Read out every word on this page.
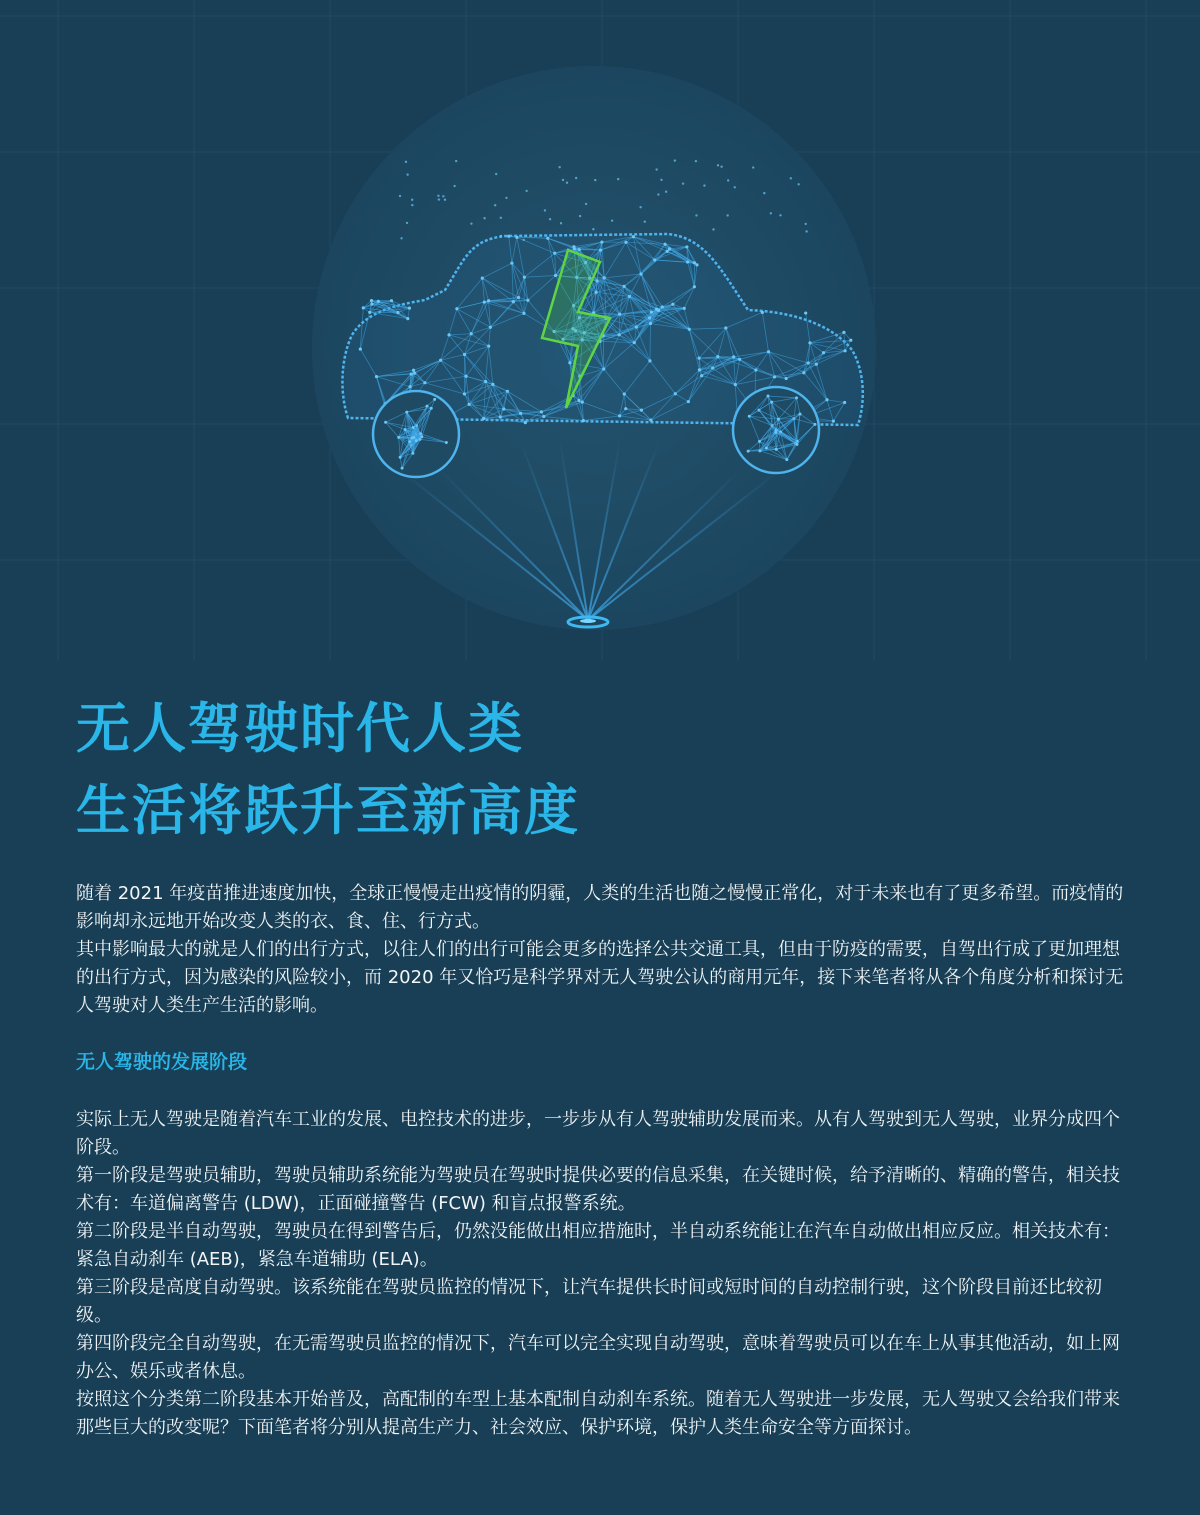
无人驾驶时代人类
生活将跃升至新高度

随着 2021 年疫苗推进速度加快，全球正慢慢走出疫情的阴霾，人类的生活也随之慢慢正常化，对于未来也有了更多希望。而疫情的影响却永远地开始改变人类的衣、食、住、行方式。

其中影响最大的就是人们的出行方式，以往人们的出行可能会更多的选择公共交通工具，但由于防疫的需要，自驾出行成了更加理想的出行方式，因为感染的风险较小，而 2020 年又恰巧是科学界对无人驾驶公认的商用元年，接下来笔者将从各个角度分析和探讨无人驾驶对人类生产生活的影响。

无人驾驶的发展阶段

实际上无人驾驶是随着汽车工业的发展、电控技术的进步，一步步从有人驾驶辅助发展而来。从有人驾驶到无人驾驶，业界分成四个阶段。

第一阶段是驾驶员辅助，驾驶员辅助系统能为驾驶员在驾驶时提供必要的信息采集，在关键时候，给予清晰的、精确的警告，相关技术有：车道偏离警告 (LDW)，正面碰撞警告 (FCW) 和盲点报警系统。

第二阶段是半自动驾驶，驾驶员在得到警告后，仍然没能做出相应措施时，半自动系统能让在汽车自动做出相应反应。相关技术有：紧急自动刹车 (AEB)，紧急车道辅助 (ELA)。

第三阶段是高度自动驾驶。该系统能在驾驶员监控的情况下，让汽车提供长时间或短时间的自动控制行驶，这个阶段目前还比较初级。

第四阶段完全自动驾驶，在无需驾驶员监控的情况下，汽车可以完全实现自动驾驶，意味着驾驶员可以在车上从事其他活动，如上网办公、娱乐或者休息。

按照这个分类第二阶段基本开始普及，高配制的车型上基本配制自动刹车系统。随着无人驾驶进一步发展，无人驾驶又会给我们带来那些巨大的改变呢？下面笔者将分别从提高生产力、社会效应、保护环境，保护人类生命安全等方面探讨。
